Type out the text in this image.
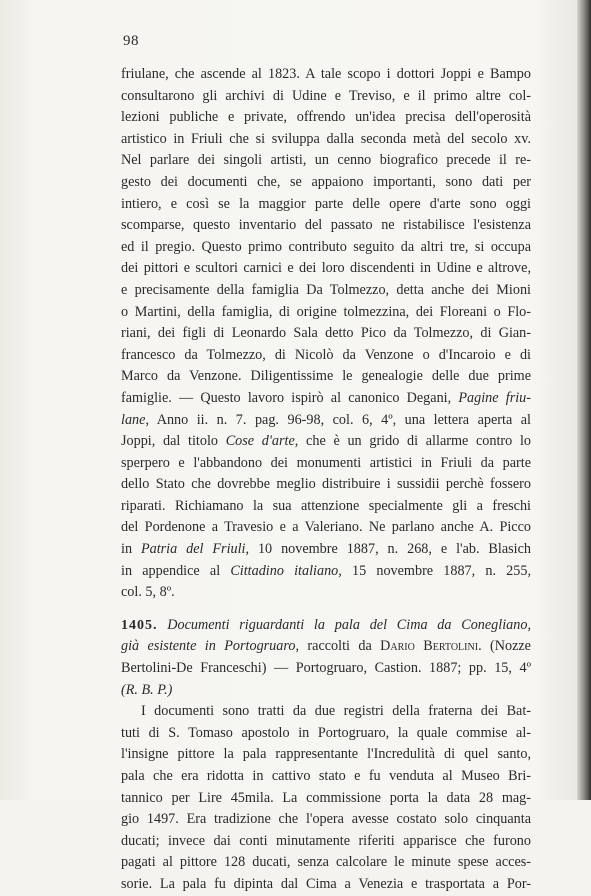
98
friulane, che ascende al 1823. A tale scopo i dottori Joppi e Bampo
consultarono gli archivi di Udine e Treviso, e il primo altre col-
lezioni publiche e private, offrendo un'idea precisa dell'operosità
artistico in Friuli che si sviluppa dalla seconda metà del secolo xv.
Nel parlare dei singoli artisti, un cenno biografico precede il re-
gesto dei documenti che, se appaiono importanti, sono dati per
intiero, e così se la maggior parte delle opere d'arte sono oggi
scomparse, questo inventario del passato ne ristabilisce l'esistenza
ed il pregio. Questo primo contributo seguito da altri tre, si occupa
dei pittori e scultori carnici e dei loro discendenti in Udine e altrove,
e precisamente della famiglia Da Tolmezzo, detta anche dei Mioni
o Martini, della famiglia, di origine tolmezzina, dei Floreani o Flo-
riani, dei figli di Leonardo Sala detto Pico da Tolmezzo, di Gian-
francesco da Tolmezzo, di Nicolò da Venzone o d'Incaroio e di
Marco da Venzone. Diligentissime le genealogie delle due prime
famiglie. — Questo lavoro ispirò al canonico Degani, Pagine friu-
lane, Anno ii. n. 7. pag. 96-98, col. 6, 4º, una lettera aperta al
Joppi, dal titolo Cose d'arte, che è un grido di allarme contro lo
sperpero e l'abbandono dei monumenti artistici in Friuli da parte
dello Stato che dovrebbe meglio distribuire i sussidii perchè fossero
riparati. Richiamano la sua attenzione specialmente gli a freschi
del Pordenone a Travesio e a Valeriano. Ne parlano anche A. Picco
in Patria del Friuli, 10 novembre 1887, n. 268, e l'ab. Blasich
in appendice al Cittadino italiano, 15 novembre 1887, n. 255,
col. 5, 8º.
1405. Documenti riguardanti la pala del Cima da Conegliano,
già esistente in Portogruaro, raccolti da Dario Bertolini. (Nozze
Bertolini-De Franceschi) — Portogruaro, Castion. 1887; pp. 15, 4º
(R. B. P.)
I documenti sono tratti da due registri della fraterna dei Bat-
tuti di S. Tomaso apostolo in Portogruaro, la quale commise al-
l'insigne pittore la pala rappresentante l'Incredulità di quel santo,
pala che era ridotta in cattivo stato e fu venduta al Museo Bri-
tannico per Lire 45mila. La commissione porta la data 28 mag-
gio 1497. Era tradizione che l'opera avesse costato solo cinquanta
ducati; invece dai conti minutamente riferiti apparisce che furono
pagati al pittore 128 ducati, senza calcolare le minute spese acces-
sorie. La pala fu dipinta dal Cima a Venezia e trasportata a Por-
